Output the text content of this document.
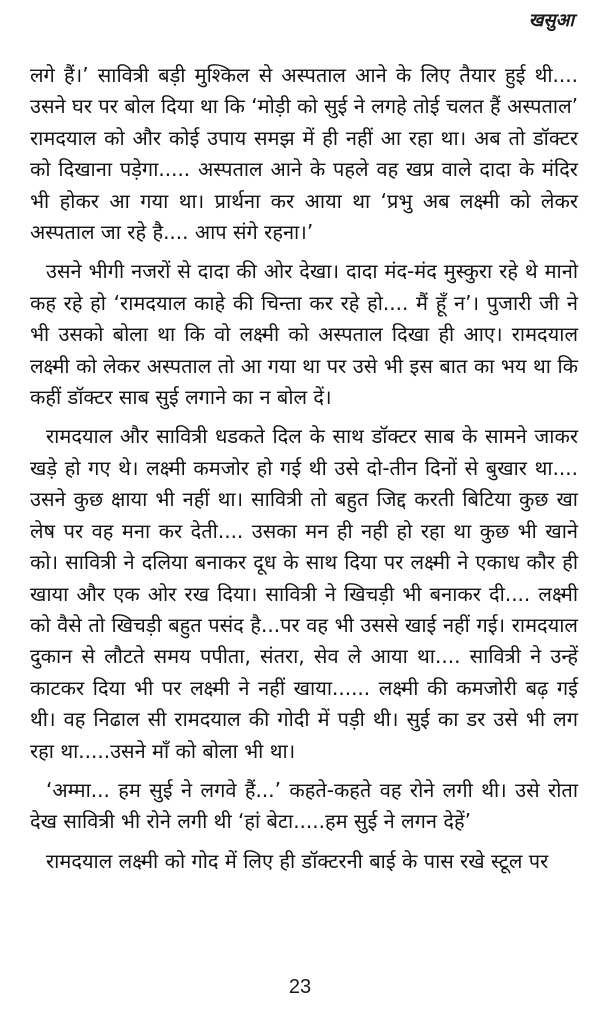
खसुआ

लगे हैं।’ सावित्री बड़ी मुश्किल से अस्पताल आने के लिए तैयार हुई थी.... उसने घर पर बोल दिया था कि ‘मोड़ी को सुई ने लगहे तोई चलत हैं अस्पताल’ रामदयाल को और कोई उपाय समझ में ही नहीं आ रहा था। अब तो डॉक्टर को दिखाना पड़ेगा..... अस्पताल आने के पहले वह खप्र वाले दादा के मंदिर भी होकर आ गया था। प्रार्थना कर आया था ‘प्रभु अब लक्ष्मी को लेकर अस्पताल जा रहे है.... आप संगे रहना।’

उसने भीगी नजरों से दादा की ओर देखा। दादा मंद-मंद मुस्कुरा रहे थे मानो कह रहे हो ‘रामदयाल काहे की चिन्ता कर रहे हो.... मैं हूँ न’। पुजारी जी ने भी उसको बोला था कि वो लक्ष्मी को अस्पताल दिखा ही आए। रामदयाल लक्ष्मी को लेकर अस्पताल तो आ गया था पर उसे भी इस बात का भय था कि कहीं डॉक्टर साब सुई लगाने का न बोल दें।

रामदयाल और सावित्री धडकते दिल के साथ डॉक्टर साब के सामने जाकर खड़े हो गए थे। लक्ष्मी कमजोर हो गई थी उसे दो-तीन दिनों से बुखार था.... उसने कुछ क्षाया भी नहीं था। सावित्री तो बहुत जिद्द करती बिटिया कुछ खा लेष पर वह मना कर देती.... उसका मन ही नही हो रहा था कुछ भी खाने को। सावित्री ने दलिया बनाकर दूध के साथ दिया पर लक्ष्मी ने एकाध कौर ही खाया और एक ओर रख दिया। सावित्री ने खिचड़ी भी बनाकर दी.... लक्ष्मी को वैसे तो खिचड़ी बहुत पसंद है...पर वह भी उससे खाई नहीं गई। रामदयाल दुकान से लौटते समय पपीता, संतरा, सेव ले आया था.... सावित्री ने उन्हें काटकर दिया भी पर लक्ष्मी ने नहीं खाया...... लक्ष्मी की कमजोरी बढ़ गई थी। वह निढाल सी रामदयाल की गोदी में पड़ी थी। सुई का डर उसे भी लग रहा था.....उसने माँ को बोला भी था।

‘अम्मा... हम सुई ने लगवे हैं...’ कहते-कहते वह रोने लगी थी। उसे रोता देख सावित्री भी रोने लगी थी ‘हां बेटा.....हम सुई ने लगन देहें’

रामदयाल लक्ष्मी को गोद में लिए ही डॉक्टरनी बाई के पास रखे स्टूल पर

23
